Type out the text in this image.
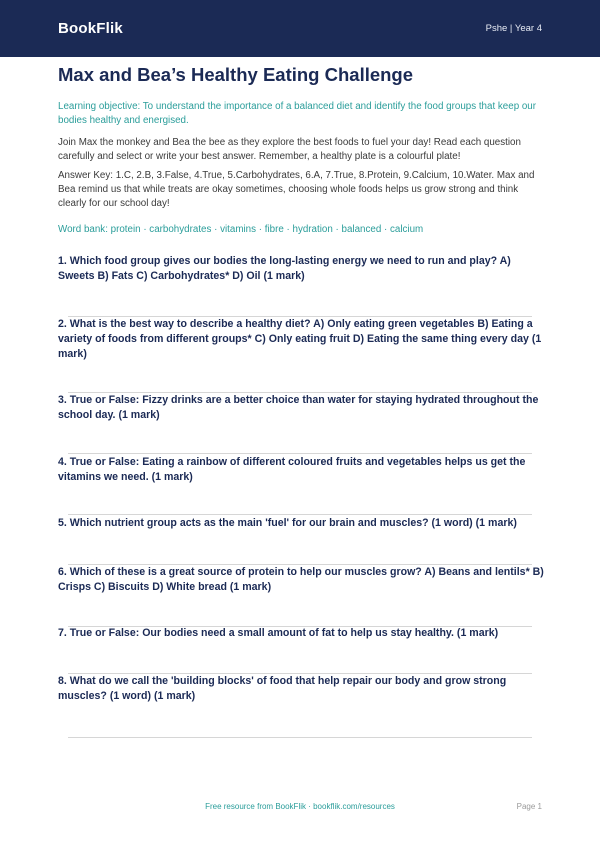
BookFlik	Pshe | Year 4
Max and Bea’s Healthy Eating Challenge

Learning objective: To understand the importance of a balanced diet and identify the food groups that keep our bodies healthy and energised.

Join Max the monkey and Bea the bee as they explore the best foods to fuel your day! Read each question carefully and select or write your best answer. Remember, a healthy plate is a colourful plate!

Answer Key: 1.C, 2.B, 3.False, 4.True, 5.Carbohydrates, 6.A, 7.True, 8.Protein, 9.Calcium, 10.Water. Max and Bea remind us that while treats are okay sometimes, choosing whole foods helps us grow strong and think clearly for our school day!

Word bank: protein · carbohydrates · vitamins · fibre · hydration · balanced · calcium

1. Which food group gives our bodies the long-lasting energy we need to run and play? A) Sweets B) Fats C) Carbohydrates* D) Oil (1 mark)

2. What is the best way to describe a healthy diet? A) Only eating green vegetables B) Eating a variety of foods from different groups* C) Only eating fruit D) Eating the same thing every day (1 mark)

3. True or False: Fizzy drinks are a better choice than water for staying hydrated throughout the school day. (1 mark)

4. True or False: Eating a rainbow of different coloured fruits and vegetables helps us get the vitamins we need. (1 mark)

5. Which nutrient group acts as the main 'fuel' for our brain and muscles? (1 word) (1 mark)

6. Which of these is a great source of protein to help our muscles grow? A) Beans and lentils* B) Crisps C) Biscuits D) White bread (1 mark)

7. True or False: Our bodies need a small amount of fat to help us stay healthy. (1 mark)

8. What do we call the 'building blocks' of food that help repair our body and grow strong muscles? (1 word) (1 mark)

Free resource from BookFlik · bookflik.com/resources	Page 1
